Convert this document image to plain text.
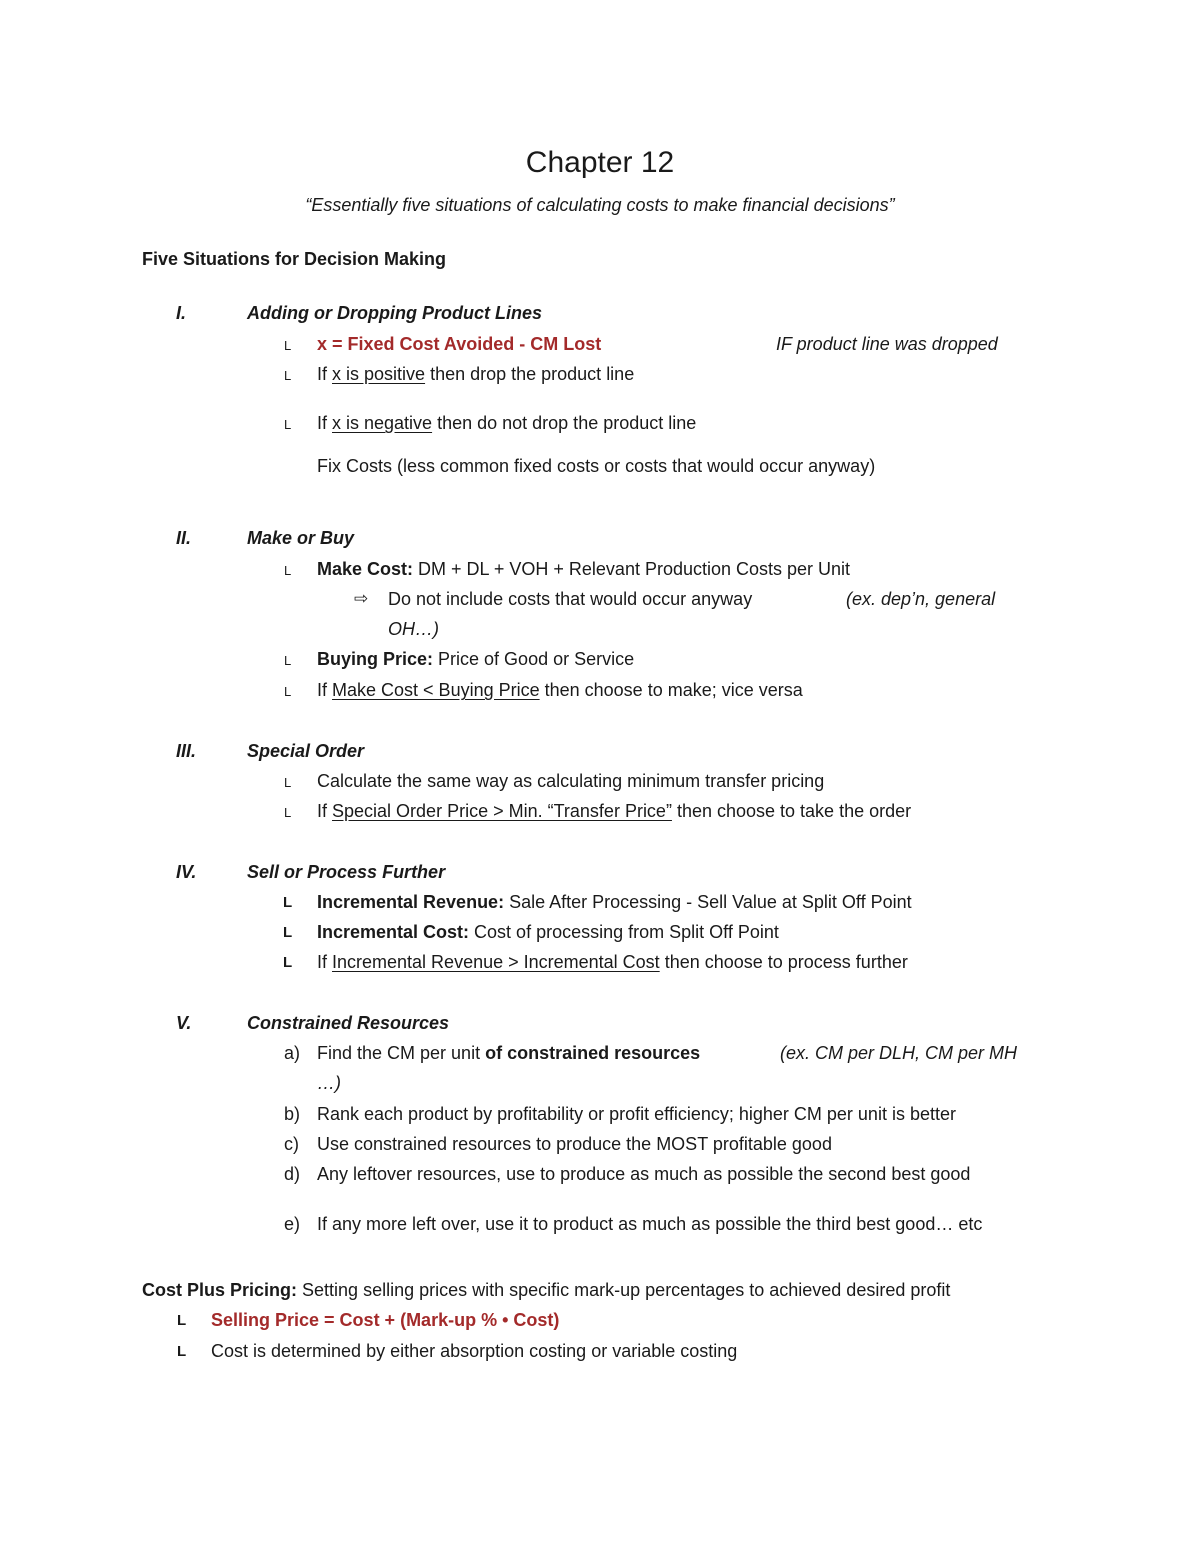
Chapter 12
“Essentially five situations of calculating costs to make financial decisions”
Five Situations for Decision Making
I.	Adding or Dropping Product Lines
L x = Fixed Cost Avoided - CM Lost	IF product line was dropped
L If x is positive then drop the product line
L If x is negative then do not drop the product line
Fix Costs (less common fixed costs or costs that would occur anyway)
II.	Make or Buy
L Make Cost: DM + DL + VOH + Relevant Production Costs per Unit
⇨ Do not include costs that would occur anyway	(ex. dep’n, general
OH…)
L Buying Price: Price of Good or Service
L If Make Cost < Buying Price then choose to make; vice versa
III.	Special Order
L Calculate the same way as calculating minimum transfer pricing
L If Special Order Price > Min. “Transfer Price” then choose to take the order
IV.	Sell or Process Further
L Incremental Revenue: Sale After Processing - Sell Value at Split Off Point
L Incremental Cost: Cost of processing from Split Off Point
L If Incremental Revenue > Incremental Cost then choose to process further
V.	Constrained Resources
a) Find the CM per unit of constrained resources	(ex. CM per DLH, CM per MH
…)
b) Rank each product by profitability or profit efficiency; higher CM per unit is better
c) Use constrained resources to produce the MOST profitable good
d) Any leftover resources, use to produce as much as possible the second best good
e) If any more left over, use it to product as much as possible the third best good… etc
Cost Plus Pricing: Setting selling prices with specific mark-up percentages to achieved desired profit
L Selling Price = Cost + (Mark-up % • Cost)
L Cost is determined by either absorption costing or variable costing
